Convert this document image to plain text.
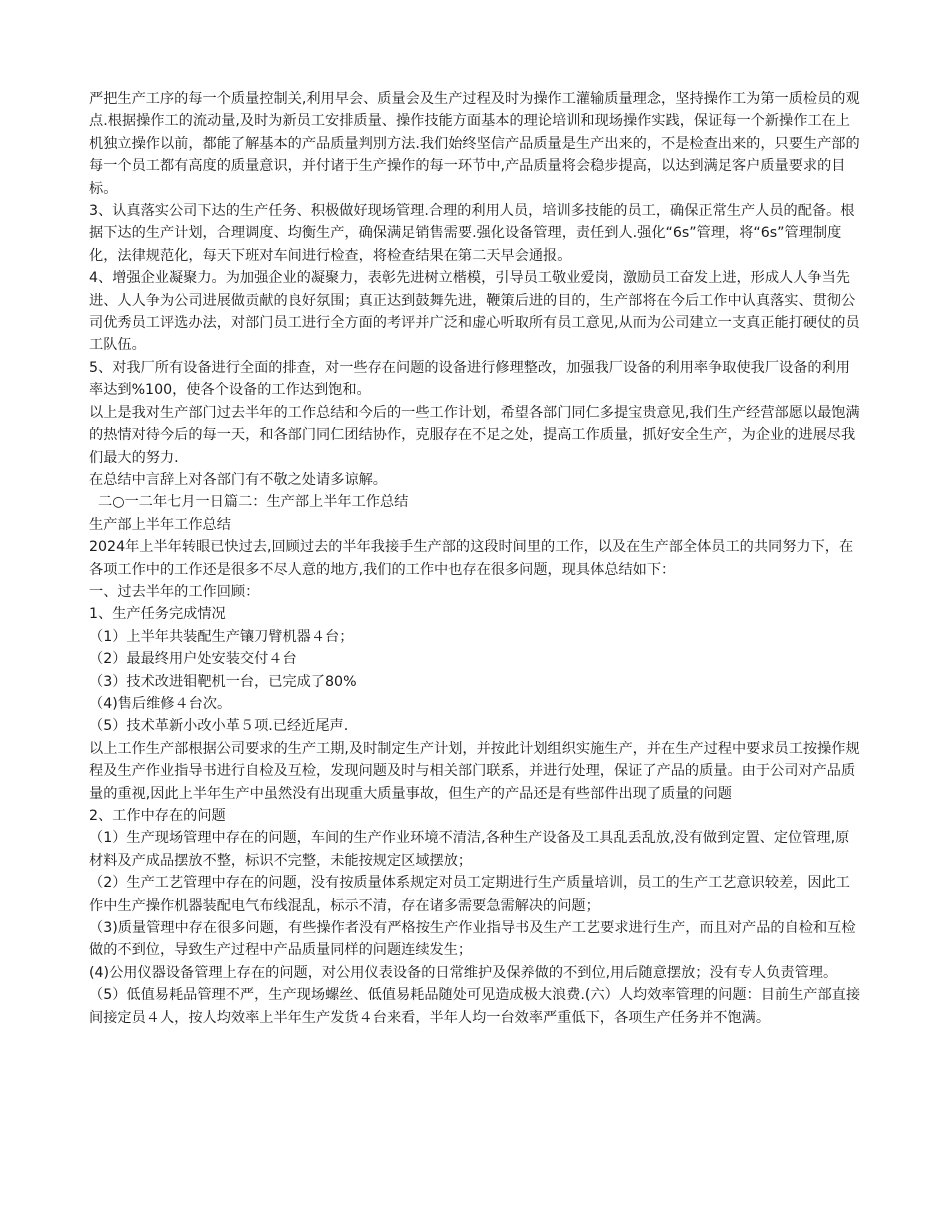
严把生产工序的每一个质量控制关,利用早会、质量会及生产过程及时为操作工灌输质量理念，坚持操作工为第一质检员的观点.根据操作工的流动量,及时为新员工安排质量、操作技能方面基本的理论培训和现场操作实践，保证每一个新操作工在上机独立操作以前，都能了解基本的产品质量判別方法.我们始终坚信产品质量是生产出来的，不是检查出来的，只要生产部的每一个员工都有高度的质量意识，并付诸于生产操作的每一环节中,产品质量将会稳步提高，以达到满足客户质量要求的目标。

3、认真落实公司下达的生产任务、积极做好现场管理.合理的利用人员，培训多技能的员工，确保正常生产人员的配备。根据下达的生产计划，合理调度、均衡生产，确保满足销售需要.强化设备管理，责任到人.强化“6s”管理，将“6s”管理制度化，法律规范化，每天下班对车间进行检查，将检查结果在第二天早会通报。

4、增强企业凝聚力。为加强企业的凝聚力，表彰先进树立楷模，引导员工敬业爱岗，激励员工奋发上进，形成人人争当先进、人人争为公司进展做贡献的良好氛围；真正达到鼓舞先进，鞭策后进的目的，生产部将在今后工作中认真落实、贯彻公司优秀员工评选办法，对部门员工进行全方面的考评并广泛和虚心听取所有员工意见,从而为公司建立一支真正能打硬仗的员工队伍。

5、对我厂所有设备进行全面的排查，对一些存在问题的设备进行修理整改，加强我厂设备的利用率争取使我厂设备的利用率达到%100，使各个设备的工作达到饱和。

以上是我对生产部门过去半年的工作总结和今后的一些工作计划，希望各部门同仁多提宝贵意见,我们生产经营部愿以最饱满的热情对待今后的每一天，和各部门同仁团结协作，克服存在不足之处，提高工作质量，抓好安全生产，为企业的进展尽我们最大的努力.

在总结中言辞上对各部门有不敬之处请多谅解。

二○一二年七月一日篇二：生产部上半年工作总结

生产部上半年工作总结

2024年上半年转眼已快过去,回顾过去的半年我接手生产部的这段时间里的工作，以及在生产部全体员工的共同努力下，在各项工作中的工作还是很多不尽人意的地方,我们的工作中也存在很多问题，现具体总结如下：

一、过去半年的工作回顾：

1、生产任务完成情况

（1）上半年共装配生产镶刀臂机器４台；

（2）最最终用户处安装交付４台

（3）技术改进钼靶机一台，已完成了80%

（4)售后维修４台次。

（5）技术革新小改小革５项.已经近尾声.

以上工作生产部根据公司要求的生产工期,及时制定生产计划，并按此计划组织实施生产，并在生产过程中要求员工按操作规程及生产作业指导书进行自检及互检，发现问题及时与相关部门联系，并进行处理，保证了产品的质量。由于公司对产品质量的重视,因此上半年生产中虽然没有出现重大质量事故，但生产的产品还是有些部件出现了质量的问题

2、工作中存在的问题

（1）生产现场管理中存在的问题，车间的生产作业环境不清洁,各种生产设备及工具乱丢乱放,没有做到定置、定位管理,原材料及产成品摆放不整，标识不完整，未能按规定区域摆放；

（2）生产工艺管理中存在的问题，没有按质量体系规定对员工定期进行生产质量培训，员工的生产工艺意识较差，因此工作中生产操作机器装配电气布线混乱，标示不清，存在诸多需要急需解决的问题；

（3)质量管理中存在很多问题，有些操作者没有严格按生产作业指导书及生产工艺要求进行生产，而且对产品的自检和互检做的不到位，导致生产过程中产品质量同样的问题连续发生；

(4)公用仪器设备管理上存在的问题，对公用仪表设备的日常维护及保养做的不到位,用后随意摆放；没有专人负责管理。

（5）低值易耗品管理不严，生产现场螺丝、低值易耗品随处可见造成极大浪费.(六）人均效率管理的问题：目前生产部直接间接定员４人，按人均效率上半年生产发货４台来看，半年人均一台效率严重低下，各项生产任务并不饱满。
